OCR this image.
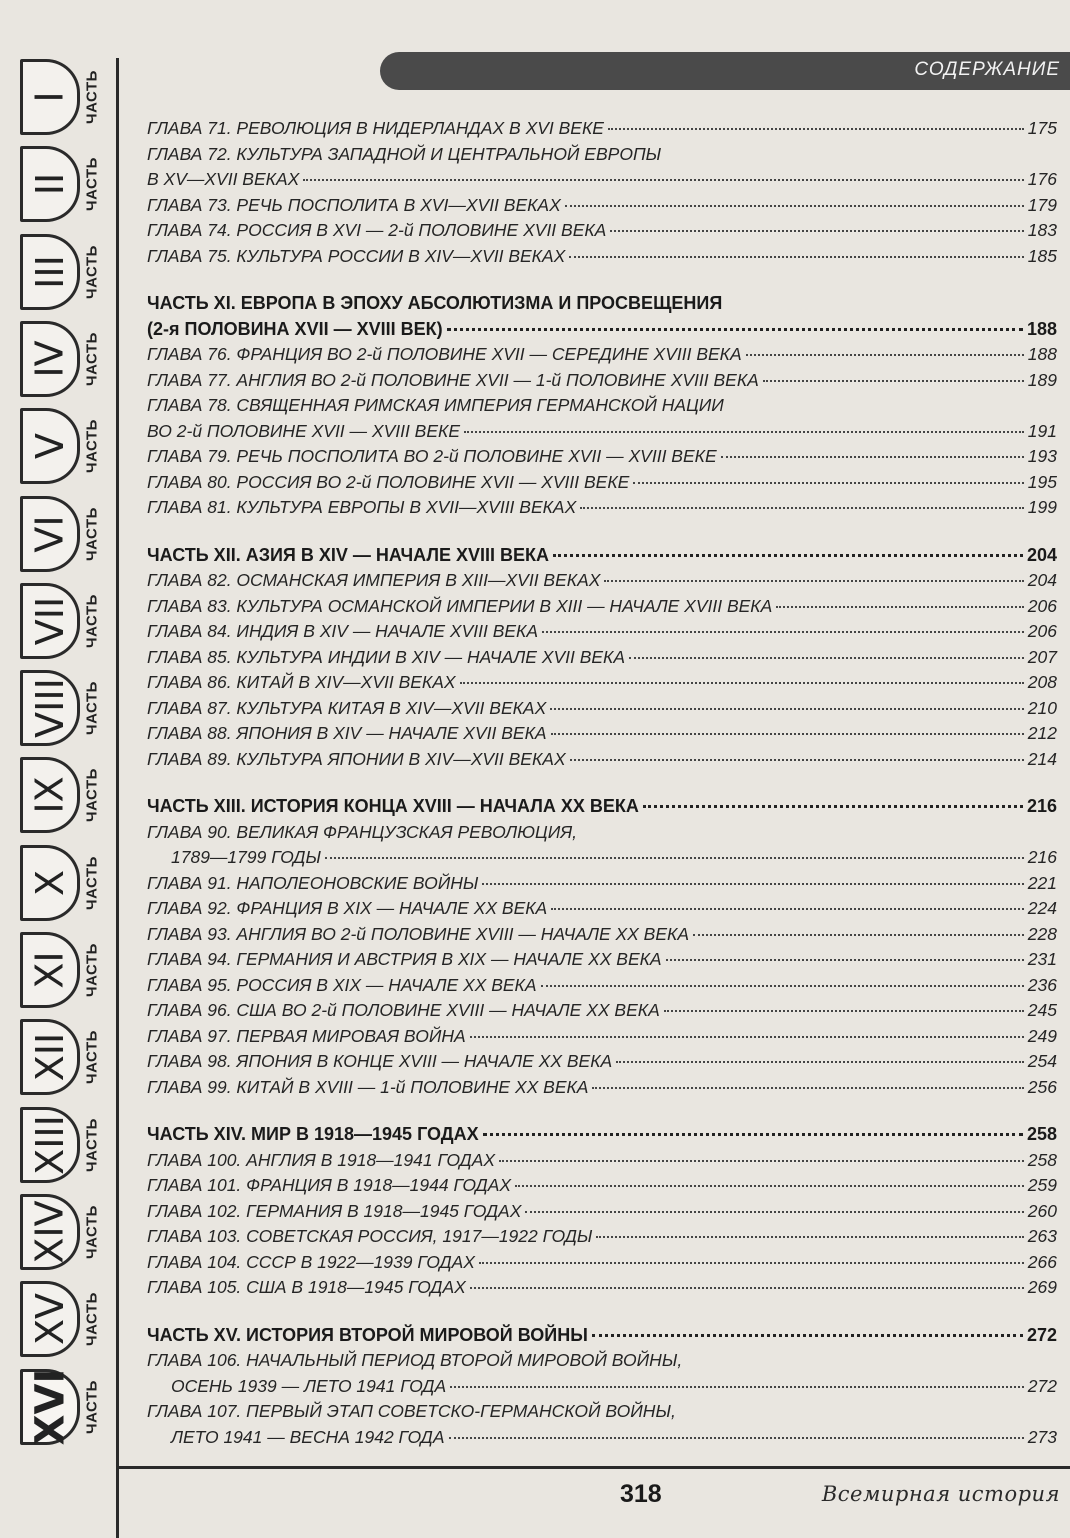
I ЧАСТЬ
II ЧАСТЬ
III ЧАСТЬ
IV ЧАСТЬ
V ЧАСТЬ
VI ЧАСТЬ
VII ЧАСТЬ
VIII ЧАСТЬ
IX ЧАСТЬ
X ЧАСТЬ
XI ЧАСТЬ
XII ЧАСТЬ
XIII ЧАСТЬ
XIV ЧАСТЬ
XV ЧАСТЬ
XVI ЧАСТЬ
СОДЕРЖАНИЕ
ГЛАВА 71. РЕВОЛЮЦИЯ В НИДЕРЛАНДАХ В XVI ВЕКЕ	175
ГЛАВА 72. КУЛЬТУРА ЗАПАДНОЙ И ЦЕНТРАЛЬНОЙ ЕВРОПЫ
В XV—XVII ВЕКАХ	176
ГЛАВА 73. РЕЧЬ ПОСПОЛИТА В XVI—XVII ВЕКАХ	179
ГЛАВА 74. РОССИЯ В XVI — 2-й ПОЛОВИНЕ XVII ВЕКА	183
ГЛАВА 75. КУЛЬТУРА РОССИИ В XIV—XVII ВЕКАХ	185
ЧАСТЬ XI. ЕВРОПА В ЭПОХУ АБСОЛЮТИЗМА И ПРОСВЕЩЕНИЯ
(2-я ПОЛОВИНА XVII — XVIII ВЕК)	188
ГЛАВА 76. ФРАНЦИЯ ВО 2-й ПОЛОВИНЕ XVII — СЕРЕДИНЕ XVIII ВЕКА	188
ГЛАВА 77. АНГЛИЯ ВО 2-й ПОЛОВИНЕ XVII — 1-й ПОЛОВИНЕ XVIII ВЕКА	189
ГЛАВА 78. СВЯЩЕННАЯ РИМСКАЯ ИМПЕРИЯ ГЕРМАНСКОЙ НАЦИИ
ВО 2-й ПОЛОВИНЕ XVII — XVIII ВЕКЕ	191
ГЛАВА 79. РЕЧЬ ПОСПОЛИТА ВО 2-й ПОЛОВИНЕ XVII — XVIII ВЕКЕ	193
ГЛАВА 80. РОССИЯ ВО 2-й ПОЛОВИНЕ XVII — XVIII ВЕКЕ	195
ГЛАВА 81. КУЛЬТУРА ЕВРОПЫ В XVII—XVIII ВЕКАХ	199
ЧАСТЬ XII. АЗИЯ В XIV — НАЧАЛЕ XVIII ВЕКА	204
ГЛАВА 82. ОСМАНСКАЯ ИМПЕРИЯ В XIII—XVII ВЕКАХ	204
ГЛАВА 83. КУЛЬТУРА ОСМАНСКОЙ ИМПЕРИИ В XIII — НАЧАЛЕ XVIII ВЕКА	206
ГЛАВА 84. ИНДИЯ В XIV — НАЧАЛЕ XVIII ВЕКА	206
ГЛАВА 85. КУЛЬТУРА ИНДИИ В XIV — НАЧАЛЕ XVII ВЕКА	207
ГЛАВА 86. КИТАЙ В XIV—XVII ВЕКАХ	208
ГЛАВА 87. КУЛЬТУРА КИТАЯ В XIV—XVII ВЕКАХ	210
ГЛАВА 88. ЯПОНИЯ В XIV — НАЧАЛЕ XVII ВЕКА	212
ГЛАВА 89. КУЛЬТУРА ЯПОНИИ В XIV—XVII ВЕКАХ	214
ЧАСТЬ XIII. ИСТОРИЯ КОНЦА XVIII — НАЧАЛА XX ВЕКА	216
ГЛАВА 90. ВЕЛИКАЯ ФРАНЦУЗСКАЯ РЕВОЛЮЦИЯ,
1789—1799 ГОДЫ	216
ГЛАВА 91. НАПОЛЕОНОВСКИЕ ВОЙНЫ	221
ГЛАВА 92. ФРАНЦИЯ В XIX — НАЧАЛЕ XX ВЕКА	224
ГЛАВА 93. АНГЛИЯ ВО 2-й ПОЛОВИНЕ XVIII — НАЧАЛЕ XX ВЕКА	228
ГЛАВА 94. ГЕРМАНИЯ И АВСТРИЯ В XIX — НАЧАЛЕ XX ВЕКА	231
ГЛАВА 95. РОССИЯ В XIX — НАЧАЛЕ XX ВЕКА	236
ГЛАВА 96. США ВО 2-й ПОЛОВИНЕ XVIII — НАЧАЛЕ XX ВЕКА	245
ГЛАВА 97. ПЕРВАЯ МИРОВАЯ ВОЙНА	249
ГЛАВА 98. ЯПОНИЯ В КОНЦЕ XVIII — НАЧАЛЕ XX ВЕКА	254
ГЛАВА 99. КИТАЙ В XVIII — 1-й ПОЛОВИНЕ XX ВЕКА	256
ЧАСТЬ XIV. МИР В 1918—1945 ГОДАХ	258
ГЛАВА 100. АНГЛИЯ В 1918—1941 ГОДАХ	258
ГЛАВА 101. ФРАНЦИЯ В 1918—1944 ГОДАХ	259
ГЛАВА 102. ГЕРМАНИЯ В 1918—1945 ГОДАХ	260
ГЛАВА 103. СОВЕТСКАЯ РОССИЯ, 1917—1922 ГОДЫ	263
ГЛАВА 104. СССР В 1922—1939 ГОДАХ	266
ГЛАВА 105. США В 1918—1945 ГОДАХ	269
ЧАСТЬ XV. ИСТОРИЯ ВТОРОЙ МИРОВОЙ ВОЙНЫ	272
ГЛАВА 106. НАЧАЛЬНЫЙ ПЕРИОД ВТОРОЙ МИРОВОЙ ВОЙНЫ,
ОСЕНЬ 1939 — ЛЕТО 1941 ГОДА	272
ГЛАВА 107. ПЕРВЫЙ ЭТАП СОВЕТСКО-ГЕРМАНСКОЙ ВОЙНЫ,
ЛЕТО 1941 — ВЕСНА 1942 ГОДА	273
318	Всемирная история
